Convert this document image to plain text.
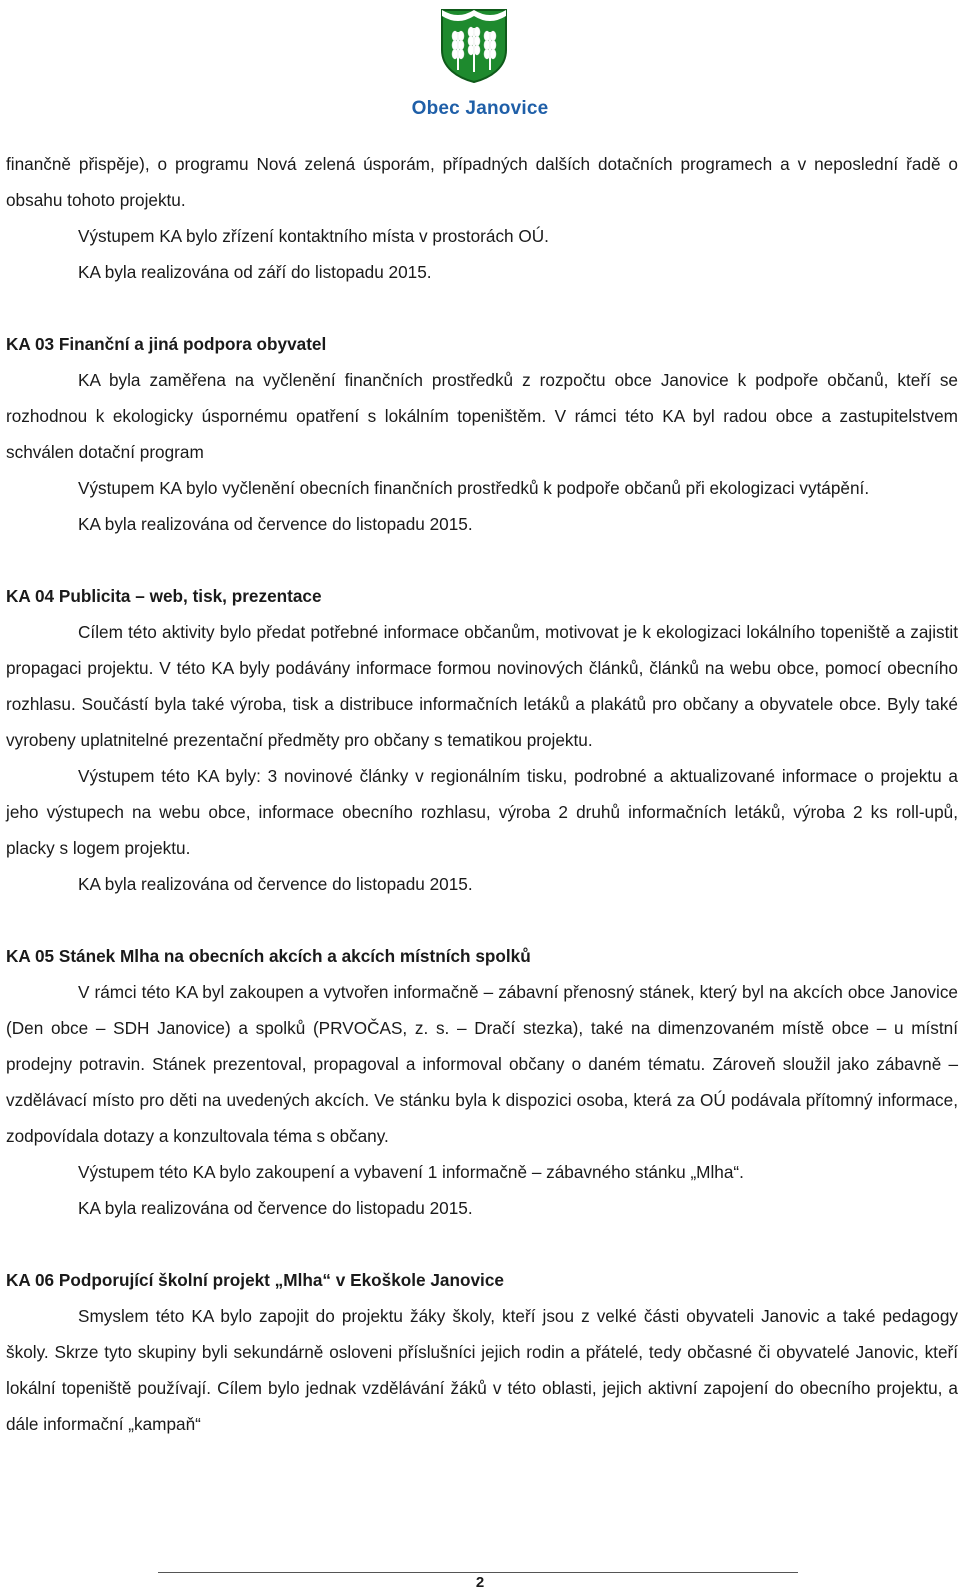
Obec Janovice

finančně přispěje), o programu Nová zelená úsporám, případných dalších dotačních programech a v neposlední řadě o obsahu tohoto projektu.

Výstupem KA bylo zřízení kontaktního místa v prostorách OÚ.

KA byla realizována od září do listopadu 2015.

KA 03 Finanční a jiná podpora obyvatel

KA byla zaměřena na vyčlenění finančních prostředků z rozpočtu obce Janovice k podpoře občanů, kteří se rozhodnou k ekologicky úspornému opatření s lokálním topeništěm. V rámci této KA byl radou obce a zastupitelstvem schválen dotační program

Výstupem KA bylo vyčlenění obecních finančních prostředků k podpoře občanů při ekologizaci vytápění.

KA byla realizována od července do listopadu 2015.

KA 04 Publicita – web, tisk, prezentace

Cílem této aktivity bylo předat potřebné informace občanům, motivovat je k ekologizaci lokálního topeniště a zajistit propagaci projektu. V této KA byly podávány informace formou novinových článků, článků na webu obce, pomocí obecního rozhlasu. Součástí byla také výroba, tisk a distribuce informačních letáků a plakátů pro občany a obyvatele obce. Byly také vyrobeny uplatnitelné prezentační předměty pro občany s tematikou projektu.

Výstupem této KA byly: 3 novinové články v regionálním tisku, podrobné a aktualizované informace o projektu a jeho výstupech na webu obce, informace obecního rozhlasu, výroba 2 druhů informačních letáků, výroba 2 ks roll-upů, placky s logem projektu.

KA byla realizována od července do listopadu 2015.

KA 05 Stánek Mlha na obecních akcích a akcích místních spolků

V rámci této KA byl zakoupen a vytvořen informačně – zábavní přenosný stánek, který byl na akcích obce Janovice (Den obce – SDH Janovice) a spolků (PRVOČAS, z. s. – Dračí stezka), také na dimenzovaném místě obce – u místní prodejny potravin. Stánek prezentoval, propagoval a informoval občany o daném tématu. Zároveň sloužil jako zábavně – vzdělávací místo pro děti na uvedených akcích. Ve stánku byla k dispozici osoba, která za OÚ podávala přítomný informace, zodpovídala dotazy a konzultovala téma s občany.

Výstupem této KA bylo zakoupení a vybavení 1 informačně – zábavného stánku „Mlha“.

KA byla realizována od července do listopadu 2015.

KA 06 Podporující školní projekt „Mlha“ v Ekoškole Janovice

Smyslem této KA bylo zapojit do projektu žáky školy, kteří jsou z velké části obyvateli Janovic a také pedagogy školy. Skrze tyto skupiny byli sekundárně osloveni příslušníci jejich rodin a přátelé, tedy občasné či obyvatelé Janovic, kteří lokální topeniště používají. Cílem bylo jednak vzdělávání žáků v této oblasti, jejich aktivní zapojení do obecního projektu, a dále informační „kampaň“

2
